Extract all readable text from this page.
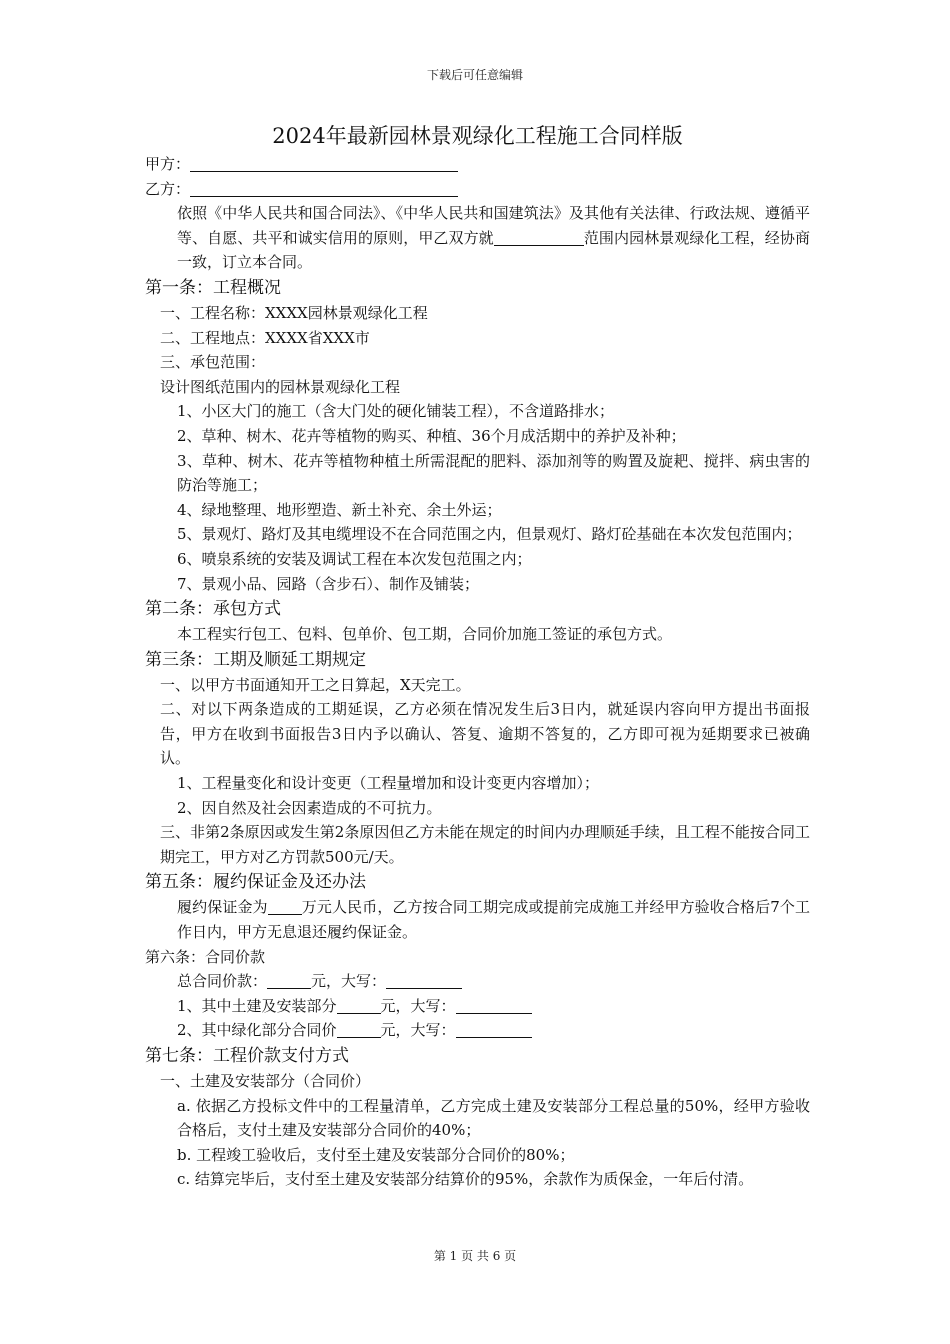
下载后可任意编辑
2024年最新园林景观绿化工程施工合同样版
甲方：
乙方：
依照《中华人民共和国合同法》、《中华人民共和国建筑法》及其他有关法律、行政法规、遵循平等、自愿、共平和诚实信用的原则，甲乙双方就	范围内园林景观绿化工程，经协商一致，订立本合同。
第一条：工程概况
一、工程名称：XXXX园林景观绿化工程
二、工程地点：XXXX省XXX市
三、承包范围：
设计图纸范围内的园林景观绿化工程
1、小区大门的施工（含大门处的硬化铺装工程），不含道路排水；
2、草种、树木、花卉等植物的购买、种植、36个月成活期中的养护及补种；
3、草种、树木、花卉等植物种植土所需混配的肥料、添加剂等的购置及旋耙、搅拌、病虫害的防治等施工；
4、绿地整理、地形塑造、新土补充、余土外运；
5、景观灯、路灯及其电缆埋设不在合同范围之内，但景观灯、路灯砼基础在本次发包范围内；
6、喷泉系统的安装及调试工程在本次发包范围之内；
7、景观小品、园路（含步石）、制作及铺装；
第二条：承包方式
本工程实行包工、包料、包单价、包工期，合同价加施工签证的承包方式。
第三条：工期及顺延工期规定
一、以甲方书面通知开工之日算起，X天完工。
二、对以下两条造成的工期延误，乙方必须在情况发生后3日内，就延误内容向甲方提出书面报告，甲方在收到书面报告3日内予以确认、答复、逾期不答复的，乙方即可视为延期要求已被确认。
1、工程量变化和设计变更（工程量增加和设计变更内容增加）；
2、因自然及社会因素造成的不可抗力。
三、非第2条原因或发生第2条原因但乙方未能在规定的时间内办理顺延手续，且工程不能按合同工期完工，甲方对乙方罚款500元/天。
第五条：履约保证金及还办法
履约保证金为 万元人民币，乙方按合同工期完成或提前完成施工并经甲方验收合格后7个工作日内，甲方无息退还履约保证金。
第六条：合同价款
总合同价款：	元，大写：
1、其中土建及安装部分	元，大写：
2、其中绿化部分合同价	元，大写：
第七条：工程价款支付方式
一、土建及安装部分（合同价）
a. 依据乙方投标文件中的工程量清单，乙方完成土建及安装部分工程总量的50%，经甲方验收合格后，支付土建及安装部分合同价的40%；
b. 工程竣工验收后，支付至土建及安装部分合同价的80%；
c. 结算完毕后，支付至土建及安装部分结算价的95%，余款作为质保金，一年后付清。
第 1 页 共 6 页
